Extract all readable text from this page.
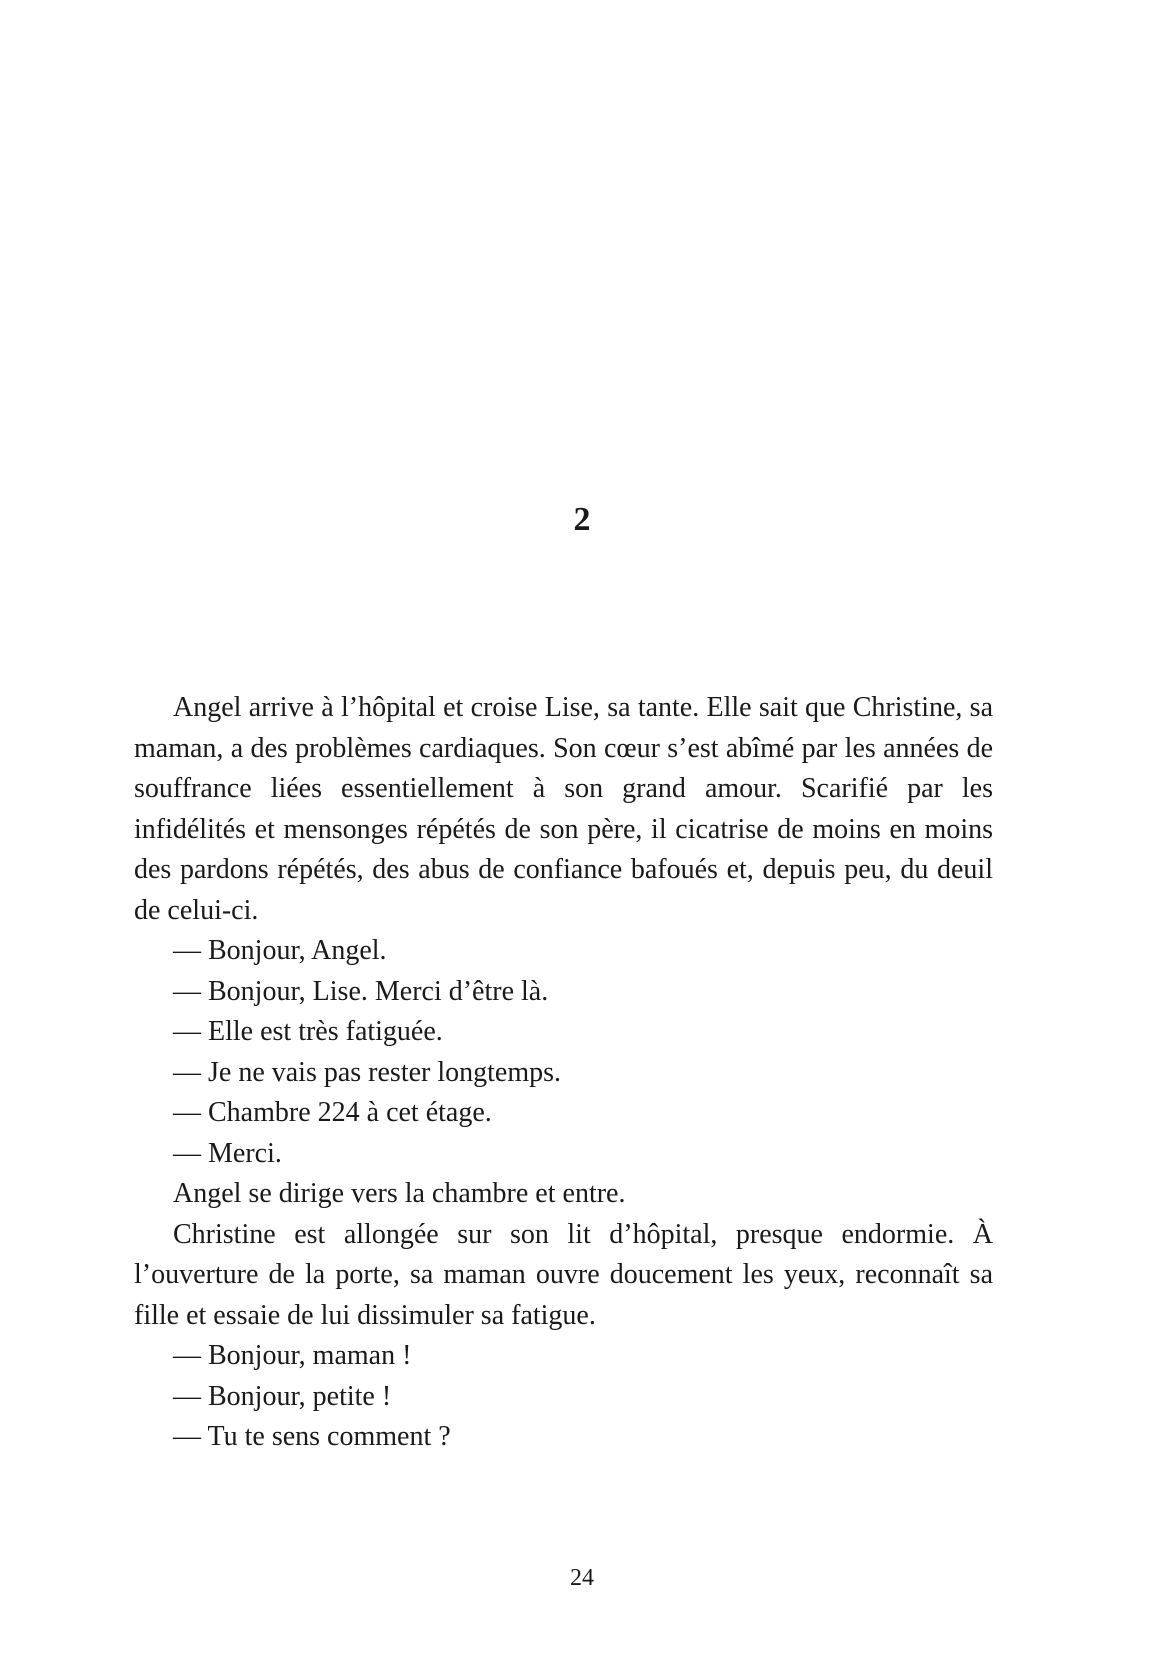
2

Angel arrive à l’hôpital et croise Lise, sa tante. Elle sait que Christine, sa maman, a des problèmes cardiaques. Son cœur s’est abîmé par les années de souffrance liées essentiellement à son grand amour. Scarifié par les infidélités et mensonges répétés de son père, il cicatrise de moins en moins des pardons répétés, des abus de confiance bafoués et, depuis peu, du deuil de celui-ci.

— Bonjour, Angel.

— Bonjour, Lise. Merci d’être là.

— Elle est très fatiguée.

— Je ne vais pas rester longtemps.

— Chambre 224 à cet étage.

— Merci.

Angel se dirige vers la chambre et entre.

Christine est allongée sur son lit d’hôpital, presque endormie. À l’ouverture de la porte, sa maman ouvre doucement les yeux, reconnaît sa fille et essaie de lui dissimuler sa fatigue.

— Bonjour, maman !

— Bonjour, petite !

— Tu te sens comment ?

24
